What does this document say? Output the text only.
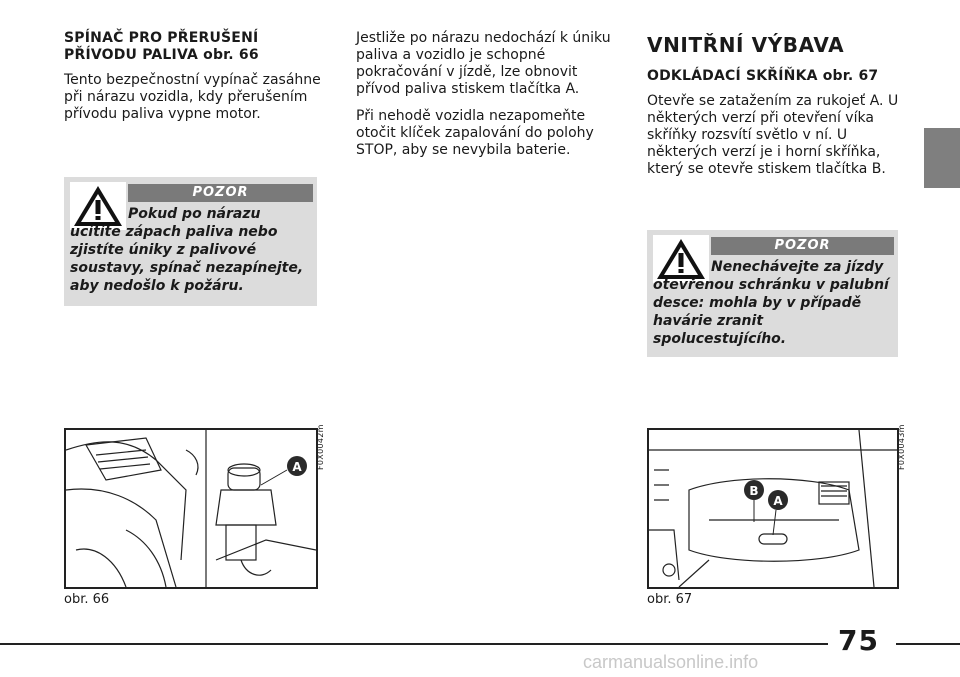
SPÍNAČ PRO PŘERUŠENÍ
PŘÍVODU PALIVA obr. 66

Tento bezpečnostní vypínač zasáhne při nárazu vozidla, kdy přerušením přívodu paliva vypne motor.

POZOR
Pokud po nárazu ucítíte zápach paliva nebo zjistíte úniky z palivové soustavy, spínač nezapínejte, aby nedošlo k požáru.

Jestliže po nárazu nedochází k úniku paliva a vozidlo je schopné pokračování v jízdě, lze obnovit přívod paliva stiskem tlačítka A.

Při nehodě vozidla nezapomeňte otočit klíček zapalování do polohy STOP, aby se nevybila baterie.

VNITŘNÍ VÝBAVA
ODKLÁDACÍ SKŘÍŇKA obr. 67

Otevře se zatažením za rukojeť A. U některých verzí při otevření víka skříňky rozsvítí světlo v ní. U některých verzí je i horní skříňka, který se otevře stiskem tlačítka B.

POZOR
Nenechávejte za jízdy otevřenou schránku v palubní desce: mohla by v případě havárie zranit spolucestujícího.
A F0X0042m
obr. 66
B
A
F0X0043m
obr. 67
75
carmanualsonline.info
